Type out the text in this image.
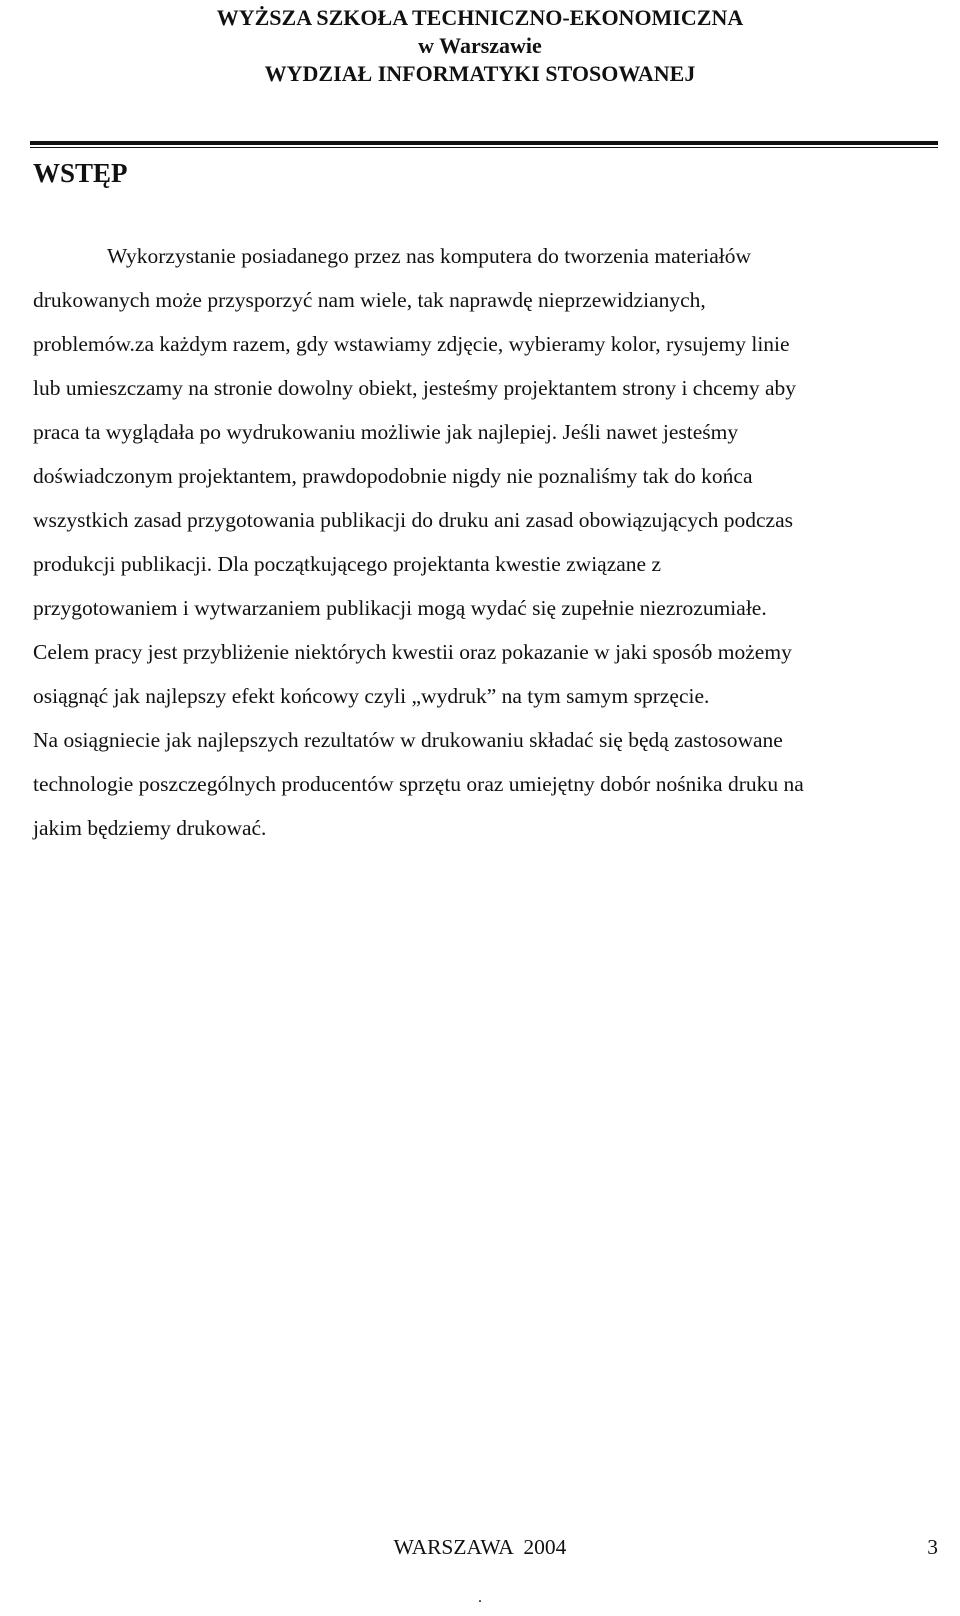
WYŻSZA SZKOŁA TECHNICZNO-EKONOMICZNA
w Warszawie
WYDZIAŁ INFORMATYKI STOSOWANEJ
WSTĘP
Wykorzystanie posiadanego przez nas komputera do tworzenia materiałów
drukowanych może przysporzyć nam wiele, tak naprawdę nieprzewidzianych,
problemów.za każdym razem, gdy wstawiamy zdjęcie, wybieramy kolor, rysujemy linie
lub umieszczamy na stronie dowolny obiekt, jesteśmy projektantem strony i chcemy aby
praca ta wyglądała po wydrukowaniu możliwie jak najlepiej. Jeśli nawet jesteśmy
doświadczonym projektantem, prawdopodobnie nigdy nie poznaliśmy tak do końca
wszystkich zasad przygotowania publikacji do druku ani zasad obowiązujących podczas
produkcji publikacji. Dla początkującego projektanta kwestie związane z
przygotowaniem i wytwarzaniem publikacji mogą wydać się zupełnie niezrozumiałe.
Celem pracy jest przybliżenie niektórych kwestii oraz pokazanie w jaki sposób możemy
osiągnąć jak najlepszy efekt końcowy czyli „wydruk” na tym samym sprzęcie.
Na osiągniecie jak najlepszych rezultatów w drukowaniu składać się będą zastosowane
technologie poszczególnych producentów sprzętu oraz umiejętny dobór nośnika druku na
jakim będziemy drukować.
WARSZAWA  2004	3
.
